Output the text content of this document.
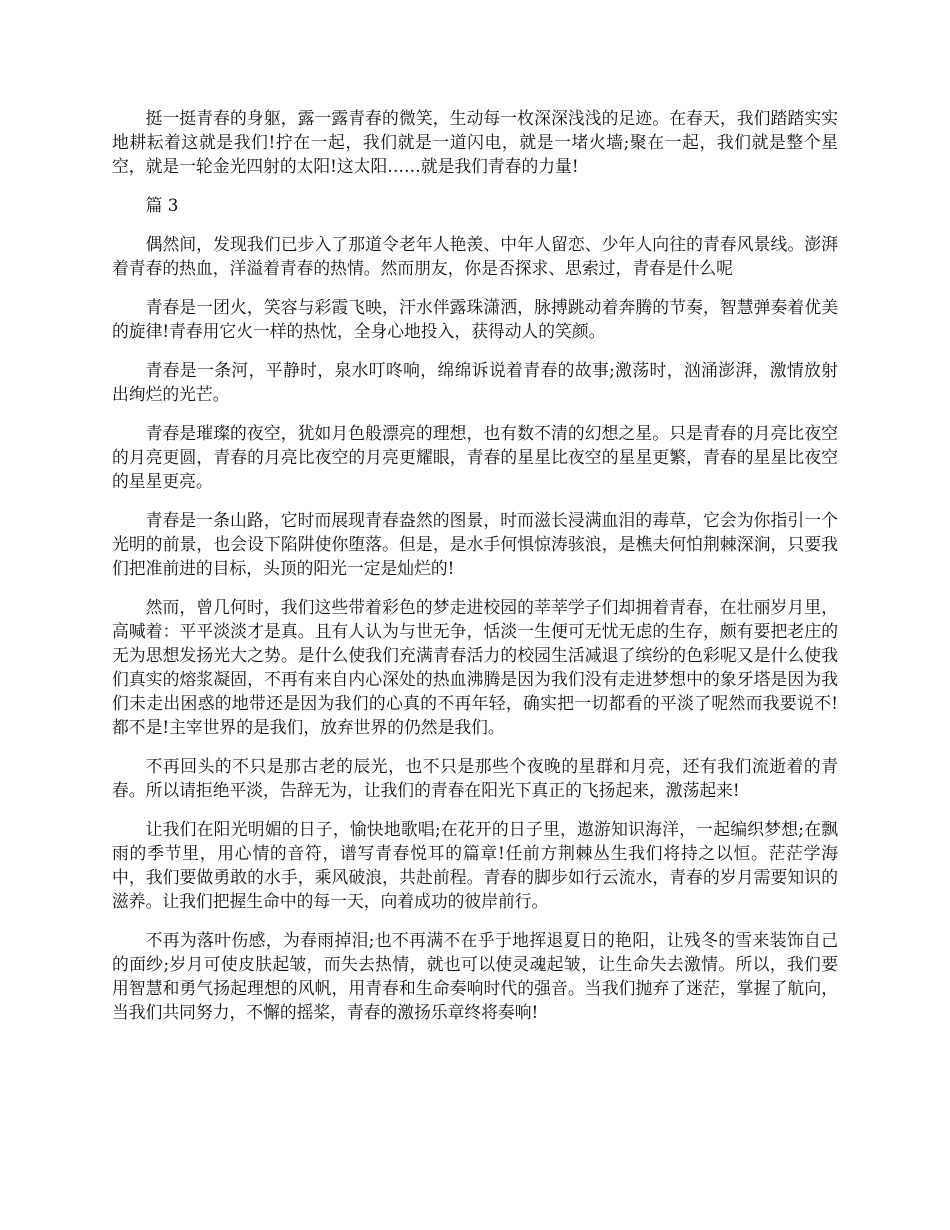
挺一挺青春的身躯，露一露青春的微笑，生动每一枚深深浅浅的足迹。在春天，我们踏踏实实地耕耘着这就是我们!拧在一起，我们就是一道闪电，就是一堵火墙;聚在一起，我们就是整个星空，就是一轮金光四射的太阳!这太阳……就是我们青春的力量!

篇 3

偶然间，发现我们已步入了那道令老年人艳羡、中年人留恋、少年人向往的青春风景线。澎湃着青春的热血，洋溢着青春的热情。然而朋友，你是否探求、思索过，青春是什么呢

青春是一团火，笑容与彩霞飞映，汗水伴露珠潇洒，脉搏跳动着奔腾的节奏，智慧弹奏着优美的旋律!青春用它火一样的热忱，全身心地投入，获得动人的笑颜。

青春是一条河，平静时，泉水叮咚响，绵绵诉说着青春的故事;激荡时，汹涌澎湃，激情放射出绚烂的光芒。

青春是璀璨的夜空，犹如月色般漂亮的理想，也有数不清的幻想之星。只是青春的月亮比夜空的月亮更圆，青春的月亮比夜空的月亮更耀眼，青春的星星比夜空的星星更繁，青春的星星比夜空的星星更亮。

青春是一条山路，它时而展现青春盎然的图景，时而滋长浸满血泪的毒草，它会为你指引一个光明的前景，也会设下陷阱使你堕落。但是，是水手何惧惊涛骇浪，是樵夫何怕荆棘深涧，只要我们把准前进的目标，头顶的阳光一定是灿烂的!

然而，曾几何时，我们这些带着彩色的梦走进校园的莘莘学子们却拥着青春，在壮丽岁月里，高喊着：平平淡淡才是真。且有人认为与世无争，恬淡一生便可无忧无虑的生存，颇有要把老庄的无为思想发扬光大之势。是什么使我们充满青春活力的校园生活减退了缤纷的色彩呢又是什么使我们真实的熔浆凝固，不再有来自内心深处的热血沸腾是因为我们没有走进梦想中的象牙塔是因为我们未走出困惑的地带还是因为我们的心真的不再年轻，确实把一切都看的平淡了呢然而我要说不!都不是!主宰世界的是我们，放弃世界的仍然是我们。

不再回头的不只是那古老的辰光，也不只是那些个夜晚的星群和月亮，还有我们流逝着的青春。所以请拒绝平淡，告辞无为，让我们的青春在阳光下真正的飞扬起来，激荡起来!

让我们在阳光明媚的日子，愉快地歌唱;在花开的日子里，遨游知识海洋，一起编织梦想;在飘雨的季节里，用心情的音符，谱写青春悦耳的篇章!任前方荆棘丛生我们将持之以恒。茫茫学海中，我们要做勇敢的水手，乘风破浪，共赴前程。青春的脚步如行云流水，青春的岁月需要知识的滋养。让我们把握生命中的每一天，向着成功的彼岸前行。

不再为落叶伤感，为春雨掉泪;也不再满不在乎于地挥退夏日的艳阳，让残冬的雪来装饰自己的面纱;岁月可使皮肤起皱，而失去热情，就也可以使灵魂起皱，让生命失去激情。所以，我们要用智慧和勇气扬起理想的风帆，用青春和生命奏响时代的强音。当我们抛弃了迷茫，掌握了航向，当我们共同努力，不懈的摇桨，青春的激扬乐章终将奏响!
